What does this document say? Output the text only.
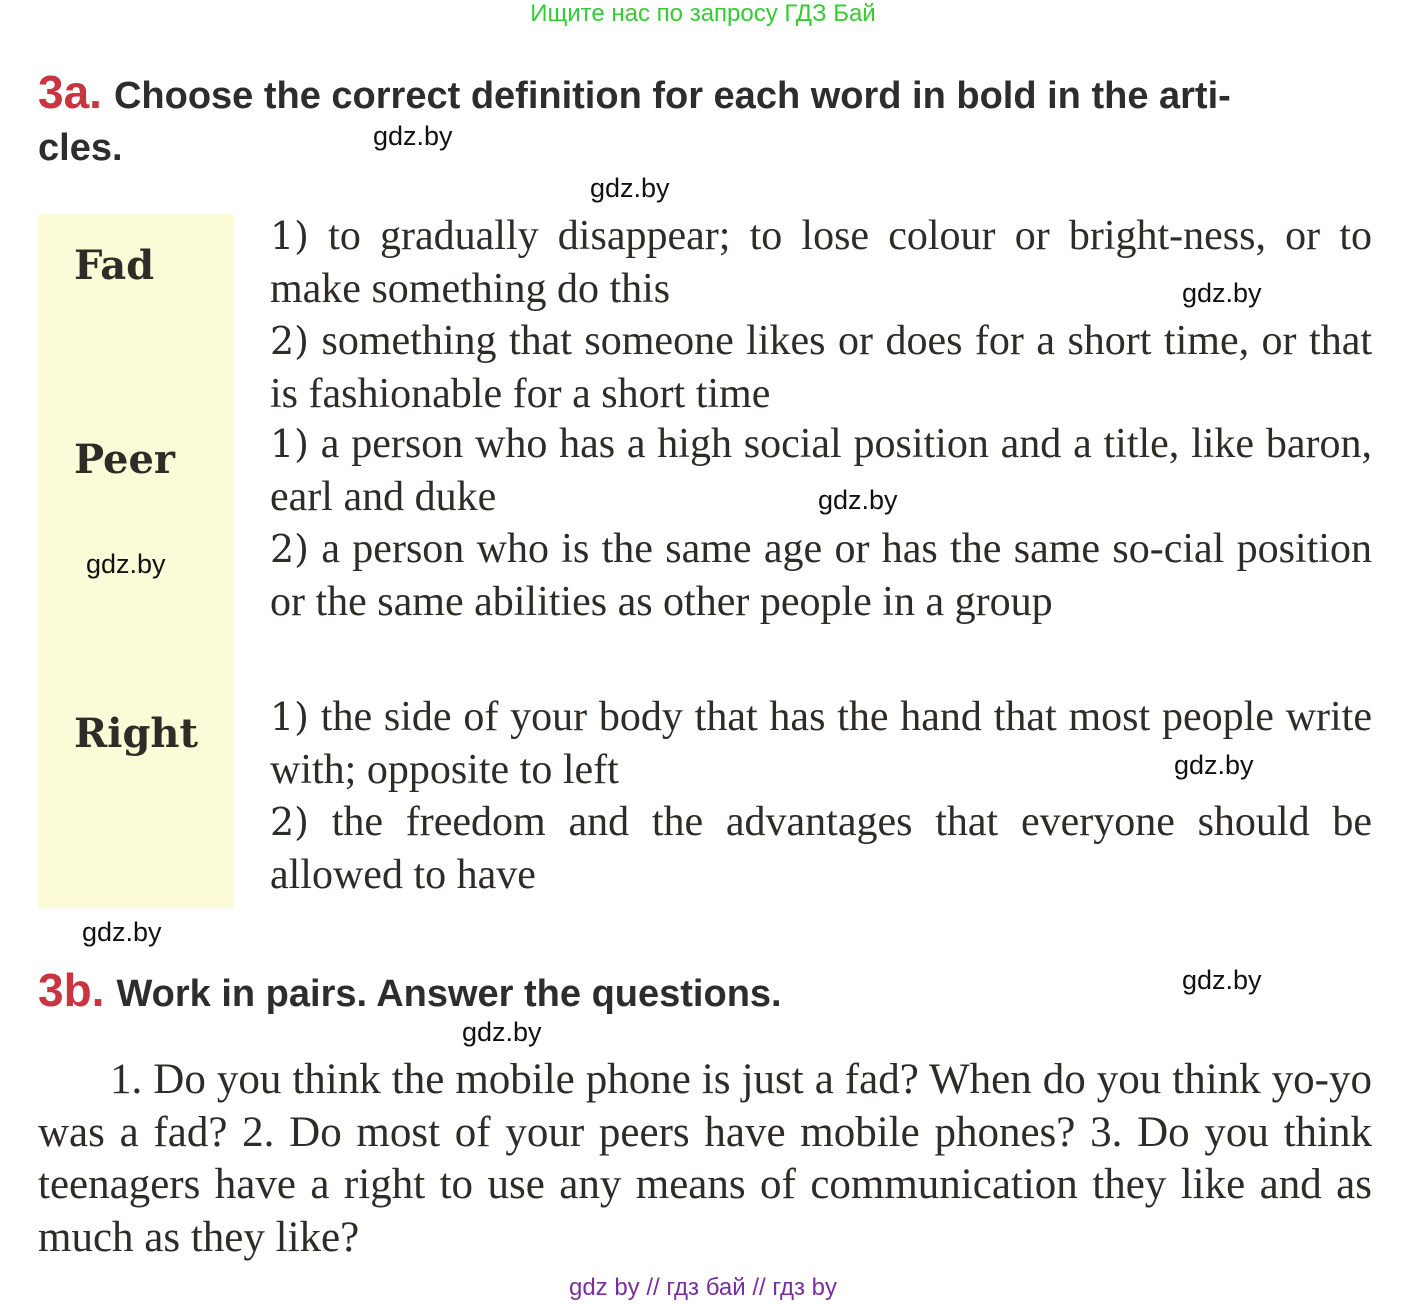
Ищите нас по запросу ГДЗ Бай
3a. Choose the correct definition for each word in bold in the arti-
cles.
Fad
Peer
Right

1) to gradually disappear; to lose colour or bright-ness, or to make something do this

2) something that someone likes or does for a short time, or that is fashionable for a short time

1) a person who has a high social position and a title, like baron, earl and duke

2) a person who is the same age or has the same so-cial position or the same abilities as other people in a group

1) the side of your body that has the hand that most people write with; opposite to left

2) the freedom and the advantages that everyone should be allowed to have

3b. Work in pairs. Answer the questions.

1. Do you think the mobile phone is just a fad? When do you think yo-yo was a fad? 2. Do most of your peers have mobile phones? 3. Do you think teenagers have a right to use any means of communication they like and as much as they like?

gdz.by
gdz.by
gdz.by
gdz.by
gdz.by
gdz.by
gdz.by
gdz.by
gdz.by
gdz by // гдз бай // гдз by
